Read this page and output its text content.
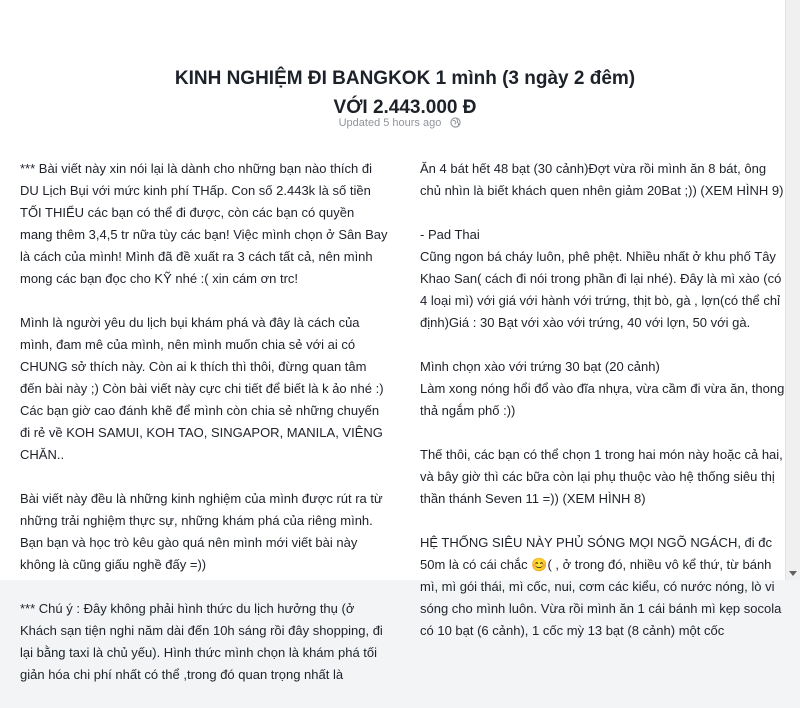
KINH NGHIỆM ĐI BANGKOK 1 mình (3 ngày 2 đêm) VỚI 2.443.000 Đ
Updated 5 hours ago

*** Bài viết này xin nói lại là dành cho những bạn nào thích đi DU Lịch Bụi với mức kinh phí THấp. Con số 2.443k là số tiền TỐI THIỂU các bạn có thể đi được, còn các bạn có quyền mang thêm 3,4,5 tr nữa tùy các bạn! Việc mình chọn ở Sân Bay là cách của mình! Mình đã đề xuất ra 3 cách tất cả, nên mình mong các bạn đọc cho KỸ nhé :( xin cám ơn trc!

Mình là người yêu du lịch bụi khám phá và đây là cách của mình, đam mê của mình, nên mình muốn chia sẻ với ai có CHUNG sở thích này. Còn ai k thích thì thôi, đừng quan tâm đến bài này ;) Còn bài viết này cực chi tiết để biết là k ảo nhé :) Các bạn giờ cao đánh khẽ để mình còn chia sẻ những chuyến đi rẻ về KOH SAMUI, KOH TAO, SINGAPOR, MANILA, VIÊNG CHĂN..

Bài viết này đều là những kinh nghiệm của mình được rút ra từ những trải nghiệm thực sự, những khám phá của riêng mình. Bạn bạn và học trò kêu gào quá nên mình mới viết bài này không là cũng giấu nghề đấy =))

*** Chú ý : Đây không phải hình thức du lịch hưởng thụ (ở Khách sạn tiện nghi năm dài đến 10h sáng rồi đây shopping, đi lại bằng taxi là chủ yếu). Hình thức mình chọn là khám phá tối giản hóa chi phí nhất có thể ,trong đó quan trọng nhất là

Ăn 4 bát hết 48 bạt (30 cảnh)Đợt vừa rồi mình ăn 8 bát, ông chủ nhìn là biết khách quen nhên giảm 20Bat ;)) (XEM HÌNH 9)

- Pad Thai

Cũng ngon bá cháy luôn, phê phệt. Nhiều nhất ở khu phố Tây Khao San( cách đi nói trong phần đi lại nhé). Đây là mì xào (có 4 loại mì) với giá với hành với trứng, thịt bò, gà , lợn(có thể chỉ định)Giá : 30 Bạt với xào với trứng, 40 với lợn, 50 với gà.

Mình chọn xào với trứng 30 bạt (20 cảnh)

Làm xong nóng hổi đổ vào đĩa nhựa, vừa cầm đi vừa ăn, thong thả ngắm phố :))

Thế thôi, các bạn có thể chọn 1 trong hai món này hoặc cả hai, và bây giờ thì các bữa còn lại phụ thuộc vào hệ thống siêu thị thần thánh Seven 11 =)) (XEM HÌNH 8)

HỆ THỐNG SIÊU NÀY PHỦ SÓNG MỌI NGÕ NGÁCH, đi đc 50m là có cái chắc 😊( , ở trong đó, nhiều vô kể thứ, từ bánh mì, mì gói thái, mì cốc, nui, cơm các kiểu, có nước nóng, lò vi sóng cho mình luôn. Vừa rồi mình ăn 1 cái bánh mì kẹp socola có 10 bạt (6 cảnh), 1 cốc mỳ 13 bạt (8 cảnh) một cốc
